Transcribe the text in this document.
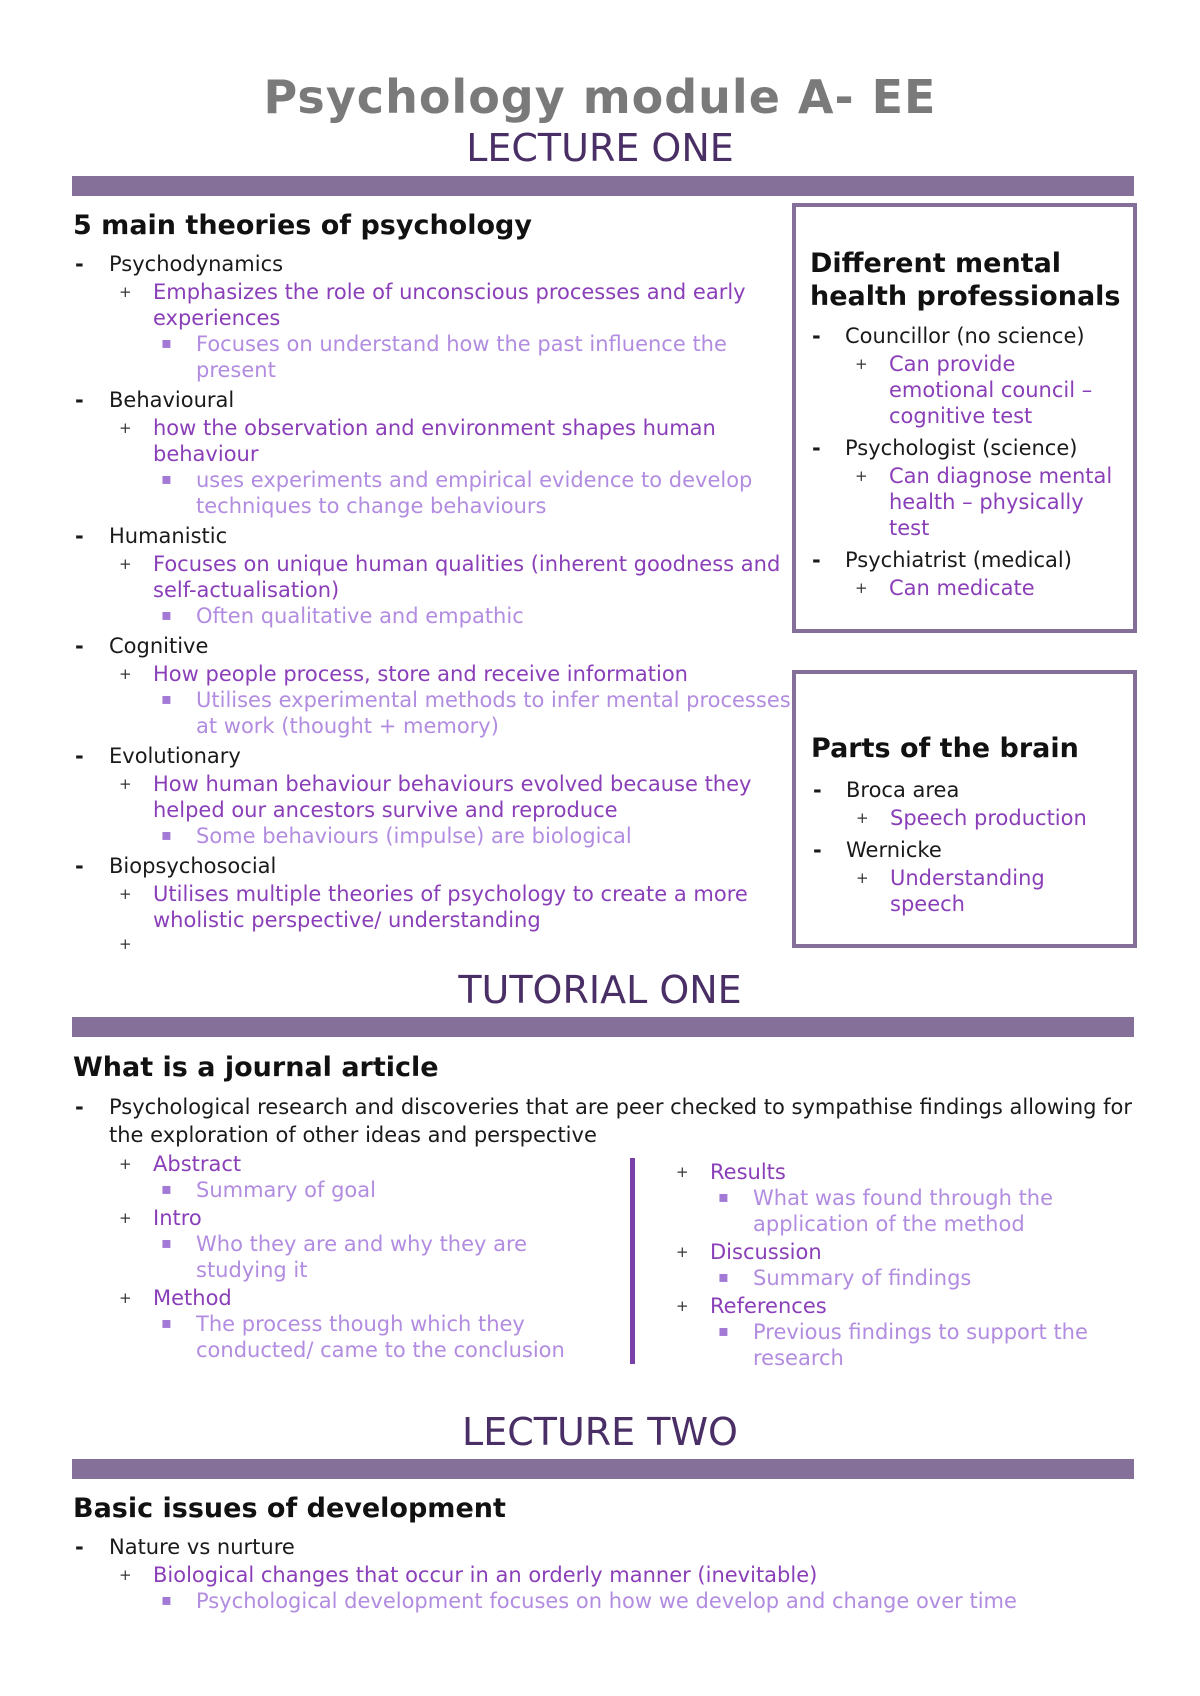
Psychology module A- EE
LECTURE ONE
5 main theories of psychology
- Psychodynamics
+ Emphasizes the role of unconscious processes and early experiences
▪ Focuses on understand how the past influence the present
- Behavioural
+ how the observation and environment shapes human behaviour
▪ uses experiments and empirical evidence to develop techniques to change behaviours
- Humanistic
+ Focuses on unique human qualities (inherent goodness and self-actualisation)
▪ Often qualitative and empathic
- Cognitive
+ How people process, store and receive information
▪ Utilises experimental methods to infer mental processes at work (thought + memory)
- Evolutionary
+ How human behaviour behaviours evolved because they helped our ancestors survive and reproduce
▪ Some behaviours (impulse) are biological
- Biopsychosocial
+ Utilises multiple theories of psychology to create a more wholistic perspective/ understanding
+
Different mental health professionals
- Councillor (no science)
+ Can provide emotional council – cognitive test
- Psychologist (science)
+ Can diagnose mental health – physically test
- Psychiatrist (medical)
+ Can medicate
Parts of the brain
- Broca area
+ Speech production
- Wernicke
+ Understanding speech
TUTORIAL ONE
What is a journal article
- Psychological research and discoveries that are peer checked to sympathise findings allowing for the exploration of other ideas and perspective
+ Abstract
▪ Summary of goal
+ Intro
▪ Who they are and why they are studying it
+ Method
▪ The process though which they conducted/ came to the conclusion
+ Results
▪ What was found through the application of the method
+ Discussion
▪ Summary of findings
+ References
▪ Previous findings to support the research
LECTURE TWO
Basic issues of development
- Nature vs nurture
+ Biological changes that occur in an orderly manner (inevitable)
▪ Psychological development focuses on how we develop and change over time
